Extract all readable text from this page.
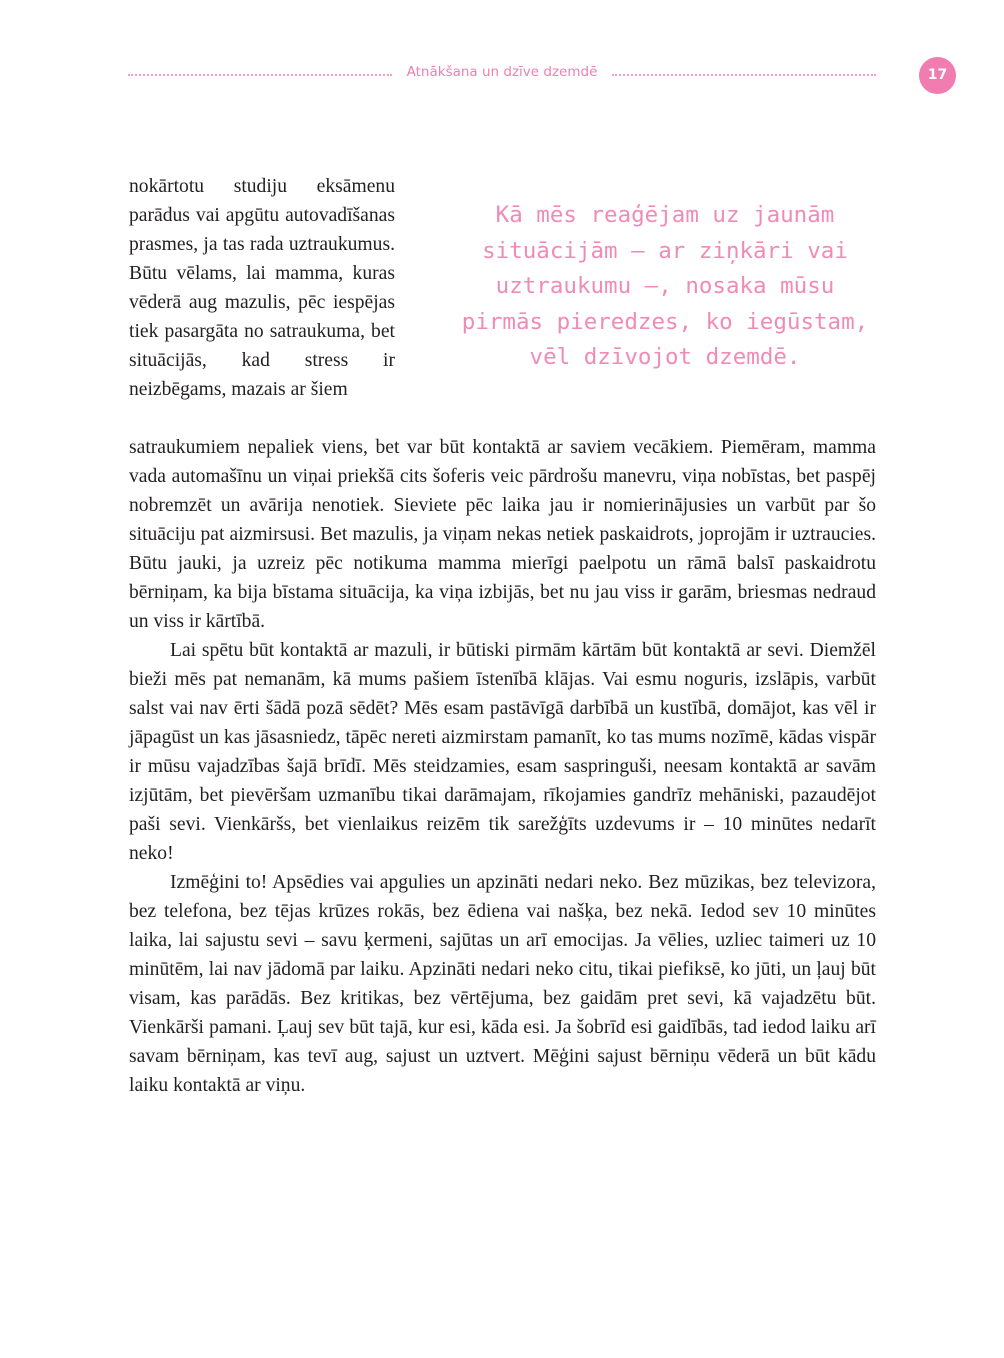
Atnākšana un dzīve dzemdē	17

nokārtotu studiju eksāmenu parādus vai apgūtu autovadīšanas prasmes, ja tas rada uztraukumus. Būtu vēlams, lai mamma, kuras vēderā aug mazulis, pēc iespējas tiek pasargāta no satraukuma, bet situācijās, kad stress ir neizbēgams, mazais ar šiem

Kā mēs reaģējam uz jaunām situācijām – ar ziņkāri vai uztraukumu –, nosaka mūsu pirmās pieredzes, ko iegūstam, vēl dzīvojot dzemdē.

satraukumiem nepaliek viens, bet var būt kontaktā ar saviem vecākiem. Piemēram, mamma vada automašīnu un viņai priekšā cits šoferis veic pārdrošu manevru, viņa nobīstas, bet paspēj nobremzēt un avārija nenotiek. Sieviete pēc laika jau ir nomierinājusies un varbūt par šo situāciju pat aizmirsusi. Bet mazulis, ja viņam nekas netiek paskaidrots, joprojām ir uztraucies. Būtu jauki, ja uzreiz pēc notikuma mamma mierīgi paelpotu un rāmā balsī paskaidrotu bērniņam, ka bija bīstama situācija, ka viņa izbijās, bet nu jau viss ir garām, briesmas nedraud un viss ir kārtībā.

Lai spētu būt kontaktā ar mazuli, ir būtiski pirmām kārtām būt kontaktā ar sevi. Diemžēl bieži mēs pat nemanām, kā mums pašiem īstenībā klājas. Vai esmu noguris, izslāpis, varbūt salst vai nav ērti šādā pozā sēdēt? Mēs esam pastāvīgā darbībā un kustībā, domājot, kas vēl ir jāpagūst un kas jāsasniedz, tāpēc nereti aizmirstam pamanīt, ko tas mums nozīmē, kādas vispār ir mūsu vajadzības šajā brīdī. Mēs steidzamies, esam saspringuši, neesam kontaktā ar savām izjūtām, bet pievēršam uzmanību tikai darāmajam, rīkojamies gandrīz mehāniski, pazaudējot paši sevi. Vienkāršs, bet vienlaikus reizēm tik sarežģīts uzdevums ir – 10 minūtes nedarīt neko!

Izmēģini to! Apsēdies vai apgulies un apzināti nedari neko. Bez mūzikas, bez televizora, bez telefona, bez tējas krūzes rokās, bez ēdiena vai našķa, bez nekā. Iedod sev 10 minūtes laika, lai sajustu sevi – savu ķermeni, sajūtas un arī emocijas. Ja vēlies, uzliec taimeri uz 10 minūtēm, lai nav jādomā par laiku. Apzināti nedari neko citu, tikai piefiksē, ko jūti, un ļauj būt visam, kas parādās. Bez kritikas, bez vērtējuma, bez gaidām pret sevi, kā vajadzētu būt. Vienkārši pamani. Ļauj sev būt tajā, kur esi, kāda esi. Ja šobrīd esi gaidībās, tad iedod laiku arī savam bērniņam, kas tevī aug, sajust un uztvert. Mēģini sajust bērniņu vēderā un būt kādu laiku kontaktā ar viņu.
